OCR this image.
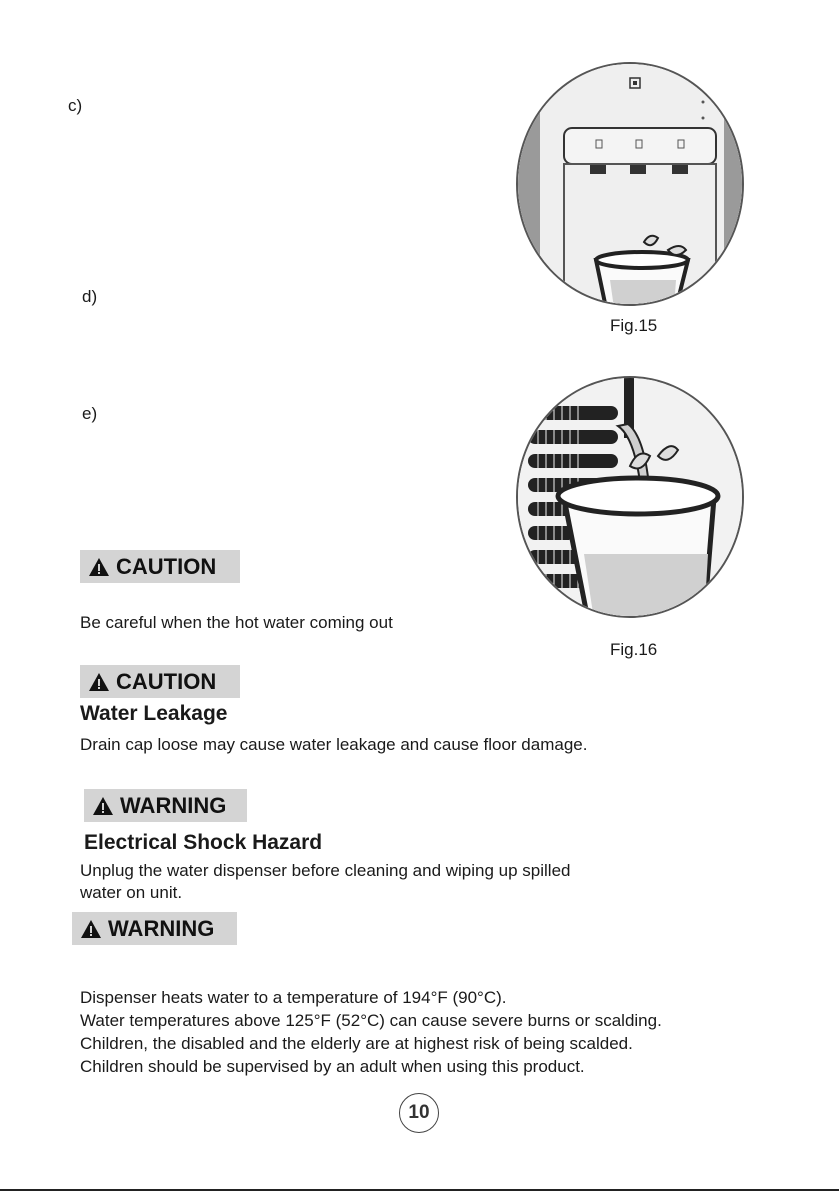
c)
d)
e)
Fig.15
Fig.16
CAUTION
Be careful when the hot water coming out
CAUTION
Water Leakage
Drain cap loose may cause water leakage and cause floor damage.
WARNING
Electrical Shock Hazard
Unplug the water dispenser before cleaning and wiping up spilled
water on unit.
WARNING
Dispenser heats water to a temperature of 194°F (90°C).
Water temperatures above 125°F (52°C) can cause severe burns or scalding.
Children, the disabled and the elderly are at highest risk of being scalded.
Children should be supervised by an adult when using this product.
10
